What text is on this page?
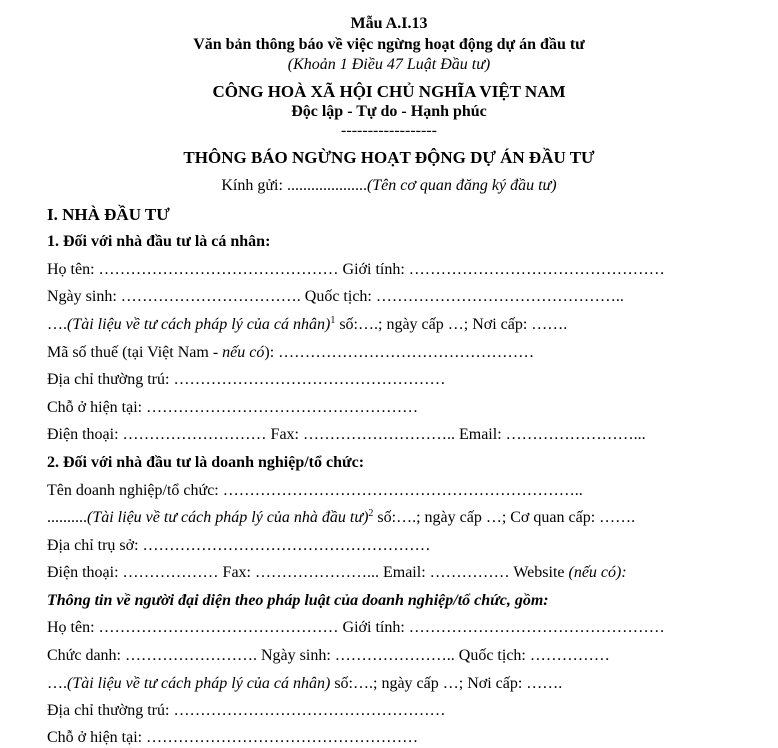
Mẫu A.I.13
Văn bản thông báo về việc ngừng hoạt động dự án đầu tư
(Khoản 1 Điều 47 Luật Đầu tư)
CÔNG HOÀ XÃ HỘI CHỦ NGHĨA VIỆT NAM
Độc lập - Tự do - Hạnh phúc
------------------
THÔNG BÁO NGỪNG HOẠT ĐỘNG DỰ ÁN ĐẦU TƯ
Kính gửi: ....................(Tên cơ quan đăng ký đầu tư)
I. NHÀ ĐẦU TƯ
1. Đối với nhà đầu tư là cá nhân:
Họ tên: ……………………………………… Giới tính: …………………………………………
Ngày sinh: ……………………………. Quốc tịch: ………………………………………..
….(Tài liệu về tư cách pháp lý của cá nhân)$^1$ số:….; ngày cấp …; Nơi cấp: …….
Mã số thuế (tại Việt Nam - nếu có): …………………………………………
Địa chỉ thường trú: ……………………………………………
Chỗ ở hiện tại: ……………………………………………
Điện thoại: ……………………… Fax: ……………………….. Email: ……………………...
2. Đối với nhà đầu tư là doanh nghiệp/tổ chức:
Tên doanh nghiệp/tổ chức: …………………………………………………………..
..........(Tài liệu về tư cách pháp lý của nhà đầu tư)$^2$ số:….; ngày cấp …; Cơ quan cấp: …….
Địa chỉ trụ sở: ………………………………………………
Điện thoại: ……………… Fax: …………………... Email: …………… Website (nếu có):
Thông tin về người đại diện theo pháp luật của doanh nghiệp/tổ chức, gồm:
Họ tên: ……………………………………… Giới tính: …………………………………………
Chức danh: ……………………. Ngày sinh: ………………….. Quốc tịch: ……………
….(Tài liệu về tư cách pháp lý của cá nhân) số:….; ngày cấp …; Nơi cấp: …….
Địa chỉ thường trú: ……………………………………………
Chỗ ở hiện tại: ……………………………………………
